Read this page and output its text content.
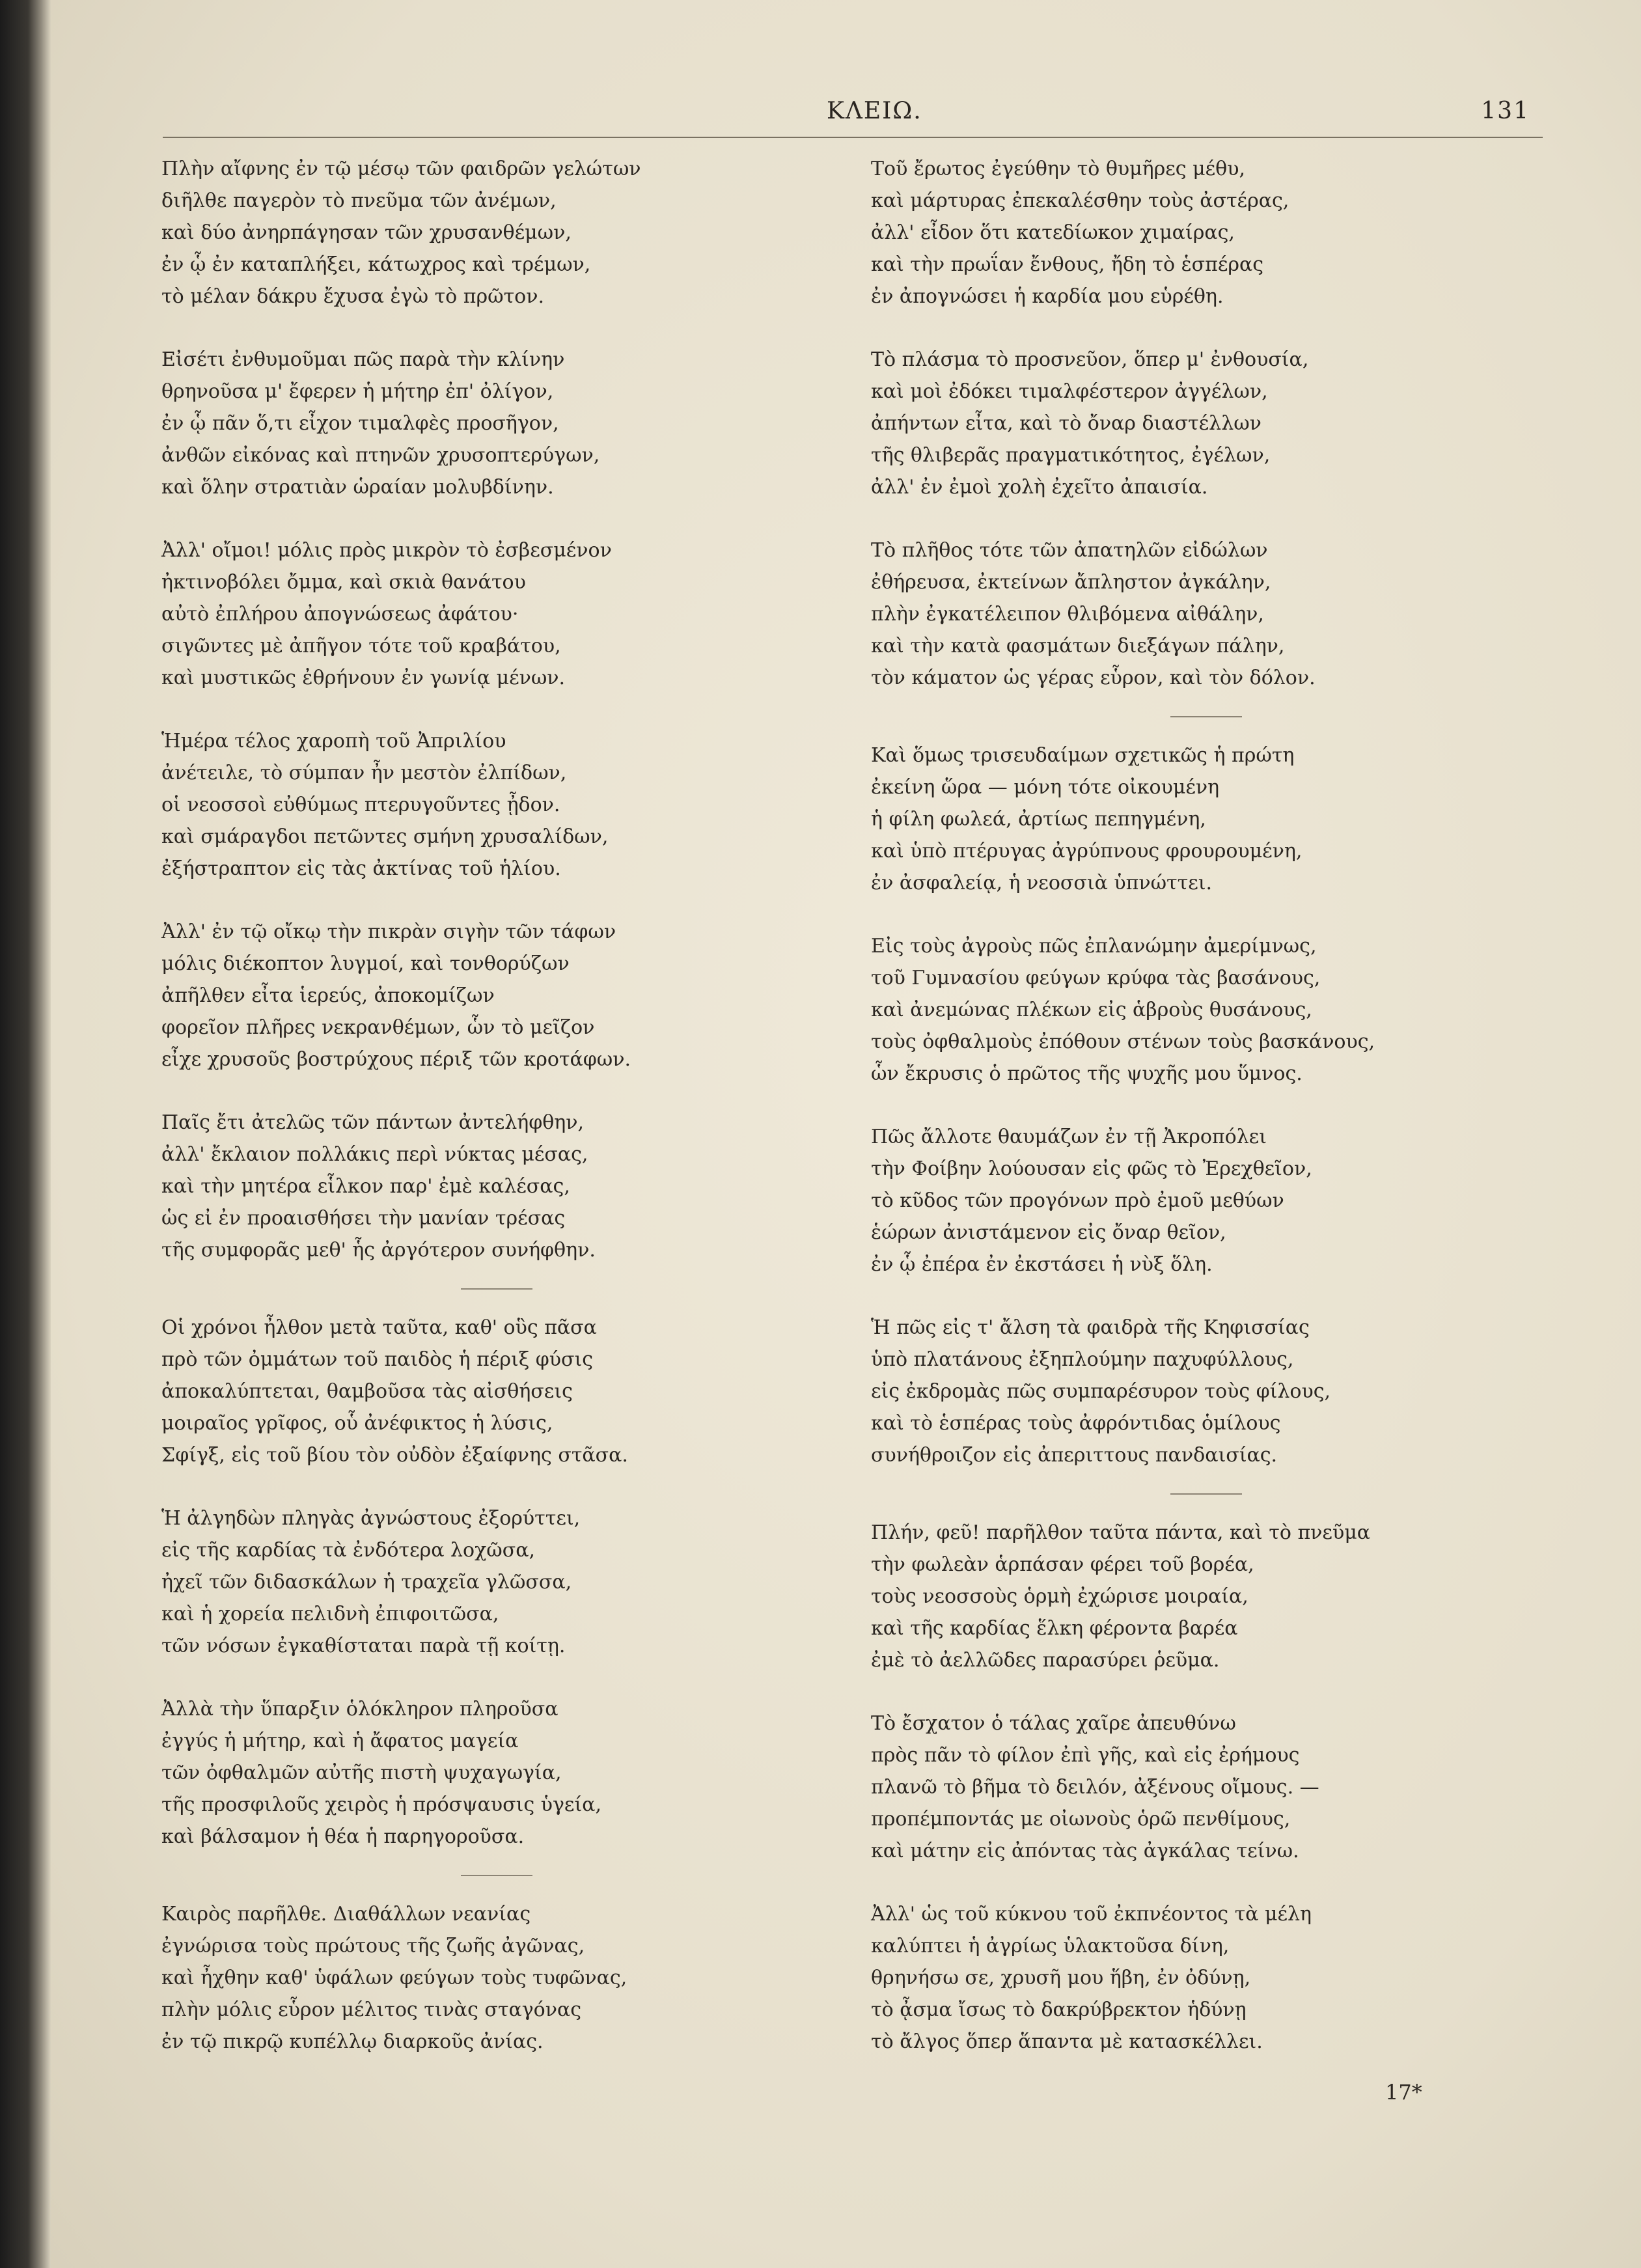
ΚΛΕΙΩ.	131
Πλὴν αἴφνης ἐν τῷ μέσῳ τῶν φαιδρῶν γελώτων
διῆλθε παγερὸν τὸ πνεῦμα τῶν ἀνέμων,
καὶ δύο ἀνηρπάγησαν τῶν χρυσανθέμων,
ἐν ᾧ ἐν καταπλήξει, κάτωχρος καὶ τρέμων,
τὸ μέλαν δάκρυ ἔχυσα ἐγὼ τὸ πρῶτον.
Εἰσέτι ἐνθυμοῦμαι πῶς παρὰ τὴν κλίνην
θρηνοῦσα μ' ἔφερεν ἡ μήτηρ ἐπ' ὀλίγον,
ἐν ᾧ πᾶν ὅ,τι εἶχον τιμαλφὲς προσῆγον,
ἀνθῶν εἰκόνας καὶ πτηνῶν χρυσοπτερύγων,
καὶ ὅλην στρατιὰν ὡραίαν μολυβδίνην.
Ἀλλ' οἴμοι! μόλις πρὸς μικρὸν τὸ ἐσβεσμένον
ἠκτινοβόλει ὄμμα, καὶ σκιὰ θανάτου
αὐτὸ ἐπλήρου ἀπογνώσεως ἀφάτου·
σιγῶντες μὲ ἀπῆγον τότε τοῦ κραβάτου,
καὶ μυστικῶς ἐθρήνουν ἐν γωνίᾳ μένων.
Ἡμέρα τέλος χαροπὴ τοῦ Ἀπριλίου
ἀνέτειλε, τὸ σύμπαν ἦν μεστὸν ἐλπίδων,
οἱ νεοσσοὶ εὐθύμως πτερυγοῦντες ᾖδον.
καὶ σμάραγδοι πετῶντες σμήνη χρυσαλίδων,
ἐξήστραπτον εἰς τὰς ἀκτίνας τοῦ ἡλίου.
Ἀλλ' ἐν τῷ οἴκῳ τὴν πικρὰν σιγὴν τῶν τάφων
μόλις διέκοπτον λυγμοί, καὶ τονθορύζων
ἀπῆλθεν εἶτα ἱερεύς, ἀποκομίζων
φορεῖον πλῆρες νεκρανθέμων, ὧν τὸ μεῖζον
εἶχε χρυσοῦς βοστρύχους πέριξ τῶν κροτάφων.
Παῖς ἔτι ἀτελῶς τῶν πάντων ἀντελήφθην,
ἀλλ' ἔκλαιον πολλάκις περὶ νύκτας μέσας,
καὶ τὴν μητέρα εἷλκον παρ' ἐμὲ καλέσας,
ὡς εἰ ἐν προαισθήσει τὴν μανίαν τρέσας
τῆς συμφορᾶς μεθ' ἧς ἀργότερον συνήφθην.
Οἱ χρόνοι ἦλθον μετὰ ταῦτα, καθ' οὓς πᾶσα
πρὸ τῶν ὀμμάτων τοῦ παιδὸς ἡ πέριξ φύσις
ἀποκαλύπτεται, θαμβοῦσα τὰς αἰσθήσεις
μοιραῖος γρῖφος, οὗ ἀνέφικτος ἡ λύσις,
Σφίγξ, εἰς τοῦ βίου τὸν οὐδὸν ἐξαίφνης στᾶσα.
Ἡ ἀλγηδὼν πληγὰς ἀγνώστους ἐξορύττει,
εἰς τῆς καρδίας τὰ ἐνδότερα λοχῶσα,
ἠχεῖ τῶν διδασκάλων ἡ τραχεῖα γλῶσσα,
καὶ ἡ χορεία πελιδνὴ ἐπιφοιτῶσα,
τῶν νόσων ἐγκαθίσταται παρὰ τῇ κοίτῃ.
Ἀλλὰ τὴν ὕπαρξιν ὁλόκληρον πληροῦσα
ἐγγύς ἡ μήτηρ, καὶ ἡ ἄφατος μαγεία
τῶν ὀφθαλμῶν αὐτῆς πιστὴ ψυχαγωγία,
τῆς προσφιλοῦς χειρὸς ἡ πρόσψαυσις ὑγεία,
καὶ βάλσαμον ἡ θέα ἡ παρηγοροῦσα.
Καιρὸς παρῆλθε. Διαθάλλων νεανίας
ἐγνώρισα τοὺς πρώτους τῆς ζωῆς ἀγῶνας,
καὶ ἦχθην καθ' ὑφάλων φεύγων τοὺς τυφῶνας,
πλὴν μόλις εὗρον μέλιτος τινὰς σταγόνας
ἐν τῷ πικρῷ κυπέλλῳ διαρκοῦς ἀνίας.
Τοῦ ἔρωτος ἐγεύθην τὸ θυμῆρες μέθυ,
καὶ μάρτυρας ἐπεκαλέσθην τοὺς ἀστέρας,
ἀλλ' εἶδον ὅτι κατεδίωκον χιμαίρας,
καὶ τὴν πρωΐαν ἔνθους, ἤδη τὸ ἑσπέρας
ἐν ἀπογνώσει ἡ καρδία μου εὑρέθη.
Τὸ πλάσμα τὸ προσνεῦον, ὅπερ μ' ἐνθουσία,
καὶ μοὶ ἐδόκει τιμαλφέστερον ἀγγέλων,
ἀπήντων εἶτα, καὶ τὸ ὄναρ διαστέλλων
τῆς θλιβερᾶς πραγματικότητος, ἐγέλων,
ἀλλ' ἐν ἐμοὶ χολὴ ἐχεῖτο ἀπαισία.
Τὸ πλῆθος τότε τῶν ἀπατηλῶν εἰδώλων
ἐθήρευσα, ἐκτείνων ἄπληστον ἀγκάλην,
πλὴν ἐγκατέλειπον θλιβόμενα αἰθάλην,
καὶ τὴν κατὰ φασμάτων διεξάγων πάλην,
τὸν κάματον ὡς γέρας εὗρον, καὶ τὸν δόλον.
Καὶ ὅμως τρισευδαίμων σχετικῶς ἡ πρώτη
ἐκείνη ὥρα — μόνη τότε οἰκουμένη
ἡ φίλη φωλεά, ἀρτίως πεπηγμένη,
καὶ ὑπὸ πτέρυγας ἀγρύπνους φρουρουμένη,
ἐν ἀσφαλείᾳ, ἡ νεοσσιὰ ὑπνώττει.
Εἰς τοὺς ἀγροὺς πῶς ἐπλανώμην ἀμερίμνως,
τοῦ Γυμνασίου φεύγων κρύφα τὰς βασάνους,
καὶ ἀνεμώνας πλέκων εἰς ἁβροὺς θυσάνους,
τοὺς ὀφθαλμοὺς ἐπόθουν στένων τοὺς βασκάνους,
ὧν ἔκρυσις ὁ πρῶτος τῆς ψυχῆς μου ὕμνος.
Πῶς ἄλλοτε θαυμάζων ἐν τῇ Ἀκροπόλει
τὴν Φοίβην λούουσαν εἰς φῶς τὸ Ἐρεχθεῖον,
τὸ κῦδος τῶν προγόνων πρὸ ἐμοῦ μεθύων
ἑώρων ἀνιστάμενον εἰς ὄναρ θεῖον,
ἐν ᾧ ἐπέρα ἐν ἐκστάσει ἡ νὺξ ὅλη.
Ἡ πῶς εἰς τ' ἄλση τὰ φαιδρὰ τῆς Κηφισσίας
ὑπὸ πλατάνους ἐξηπλούμην παχυφύλλους,
εἰς ἐκδρομὰς πῶς συμπαρέσυρον τοὺς φίλους,
καὶ τὸ ἑσπέρας τοὺς ἀφρόντιδας ὁμίλους
συνήθροιζον εἰς ἀπεριττους πανδαισίας.
Πλήν, φεῦ! παρῆλθον ταῦτα πάντα, καὶ τὸ πνεῦμα
τὴν φωλεὰν ἁρπάσαν φέρει τοῦ βορέα,
τοὺς νεοσσοὺς ὁρμὴ ἐχώρισε μοιραία,
καὶ τῆς καρδίας ἕλκη φέροντα βαρέα
ἐμὲ τὸ ἀελλῶδες παρασύρει ῥεῦμα.
Τὸ ἔσχατον ὁ τάλας χαῖρε ἀπευθύνω
πρὸς πᾶν τὸ φίλον ἐπὶ γῆς, καὶ εἰς ἐρήμους
πλανῶ τὸ βῆμα τὸ δειλόν, ἀξένους οἴμους. —
προπέμποντάς με οἰωνοὺς ὁρῶ πενθίμους,
καὶ μάτην εἰς ἀπόντας τὰς ἀγκάλας τείνω.
Ἀλλ' ὡς τοῦ κύκνου τοῦ ἐκπνέοντος τὰ μέλη
καλύπτει ἡ ἀγρίως ὑλακτοῦσα δίνη,
θρηνήσω σε, χρυσῆ μου ἥβη, ἐν ὀδύνῃ,
τὸ ᾆσμα ἴσως τὸ δακρύβρεκτον ἡδύνῃ
τὸ ἄλγος ὅπερ ἅπαντα μὲ κατασκέλλει.
17*
